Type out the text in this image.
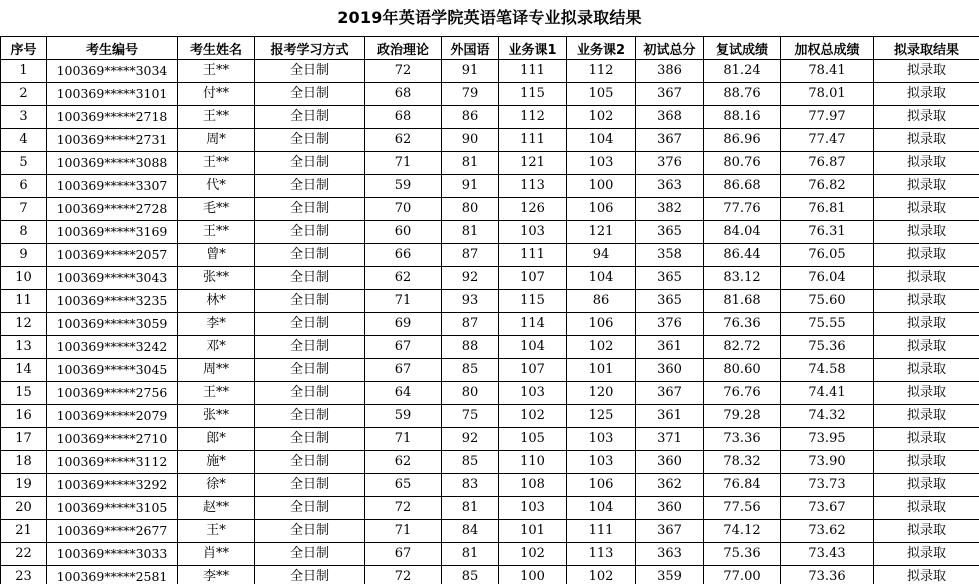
2019年英语学院英语笔译专业拟录取结果
序号	考生编号	考生姓名	报考学习方式	政治理论	外国语	业务课1	业务课2	初试总分	复试成绩	加权总成绩	拟录取结果
1	100369*****3034	王**	全日制	72	91	111	112	386	81.24	78.41	拟录取
2	100369*****3101	付**	全日制	68	79	115	105	367	88.76	78.01	拟录取
3	100369*****2718	王**	全日制	68	86	112	102	368	88.16	77.97	拟录取
4	100369*****2731	周*	全日制	62	90	111	104	367	86.96	77.47	拟录取
5	100369*****3088	王**	全日制	71	81	121	103	376	80.76	76.87	拟录取
6	100369*****3307	代*	全日制	59	91	113	100	363	86.68	76.82	拟录取
7	100369*****2728	毛**	全日制	70	80	126	106	382	77.76	76.81	拟录取
8	100369*****3169	王**	全日制	60	81	103	121	365	84.04	76.31	拟录取
9	100369*****2057	曾*	全日制	66	87	111	94	358	86.44	76.05	拟录取
10	100369*****3043	张**	全日制	62	92	107	104	365	83.12	76.04	拟录取
11	100369*****3235	林*	全日制	71	93	115	86	365	81.68	75.60	拟录取
12	100369*****3059	李*	全日制	69	87	114	106	376	76.36	75.55	拟录取
13	100369*****3242	邓*	全日制	67	88	104	102	361	82.72	75.36	拟录取
14	100369*****3045	周**	全日制	67	85	107	101	360	80.60	74.58	拟录取
15	100369*****2756	王**	全日制	64	80	103	120	367	76.76	74.41	拟录取
16	100369*****2079	张**	全日制	59	75	102	125	361	79.28	74.32	拟录取
17	100369*****2710	郎*	全日制	71	92	105	103	371	73.36	73.95	拟录取
18	100369*****3112	施*	全日制	62	85	110	103	360	78.32	73.90	拟录取
19	100369*****3292	徐*	全日制	65	83	108	106	362	76.84	73.73	拟录取
20	100369*****3105	赵**	全日制	72	81	103	104	360	77.56	73.67	拟录取
21	100369*****2677	王*	全日制	71	84	101	111	367	74.12	73.62	拟录取
22	100369*****3033	肖**	全日制	67	81	102	113	363	75.36	73.43	拟录取
23	100369*****2581	李**	全日制	72	85	100	102	359	77.00	73.36	拟录取
